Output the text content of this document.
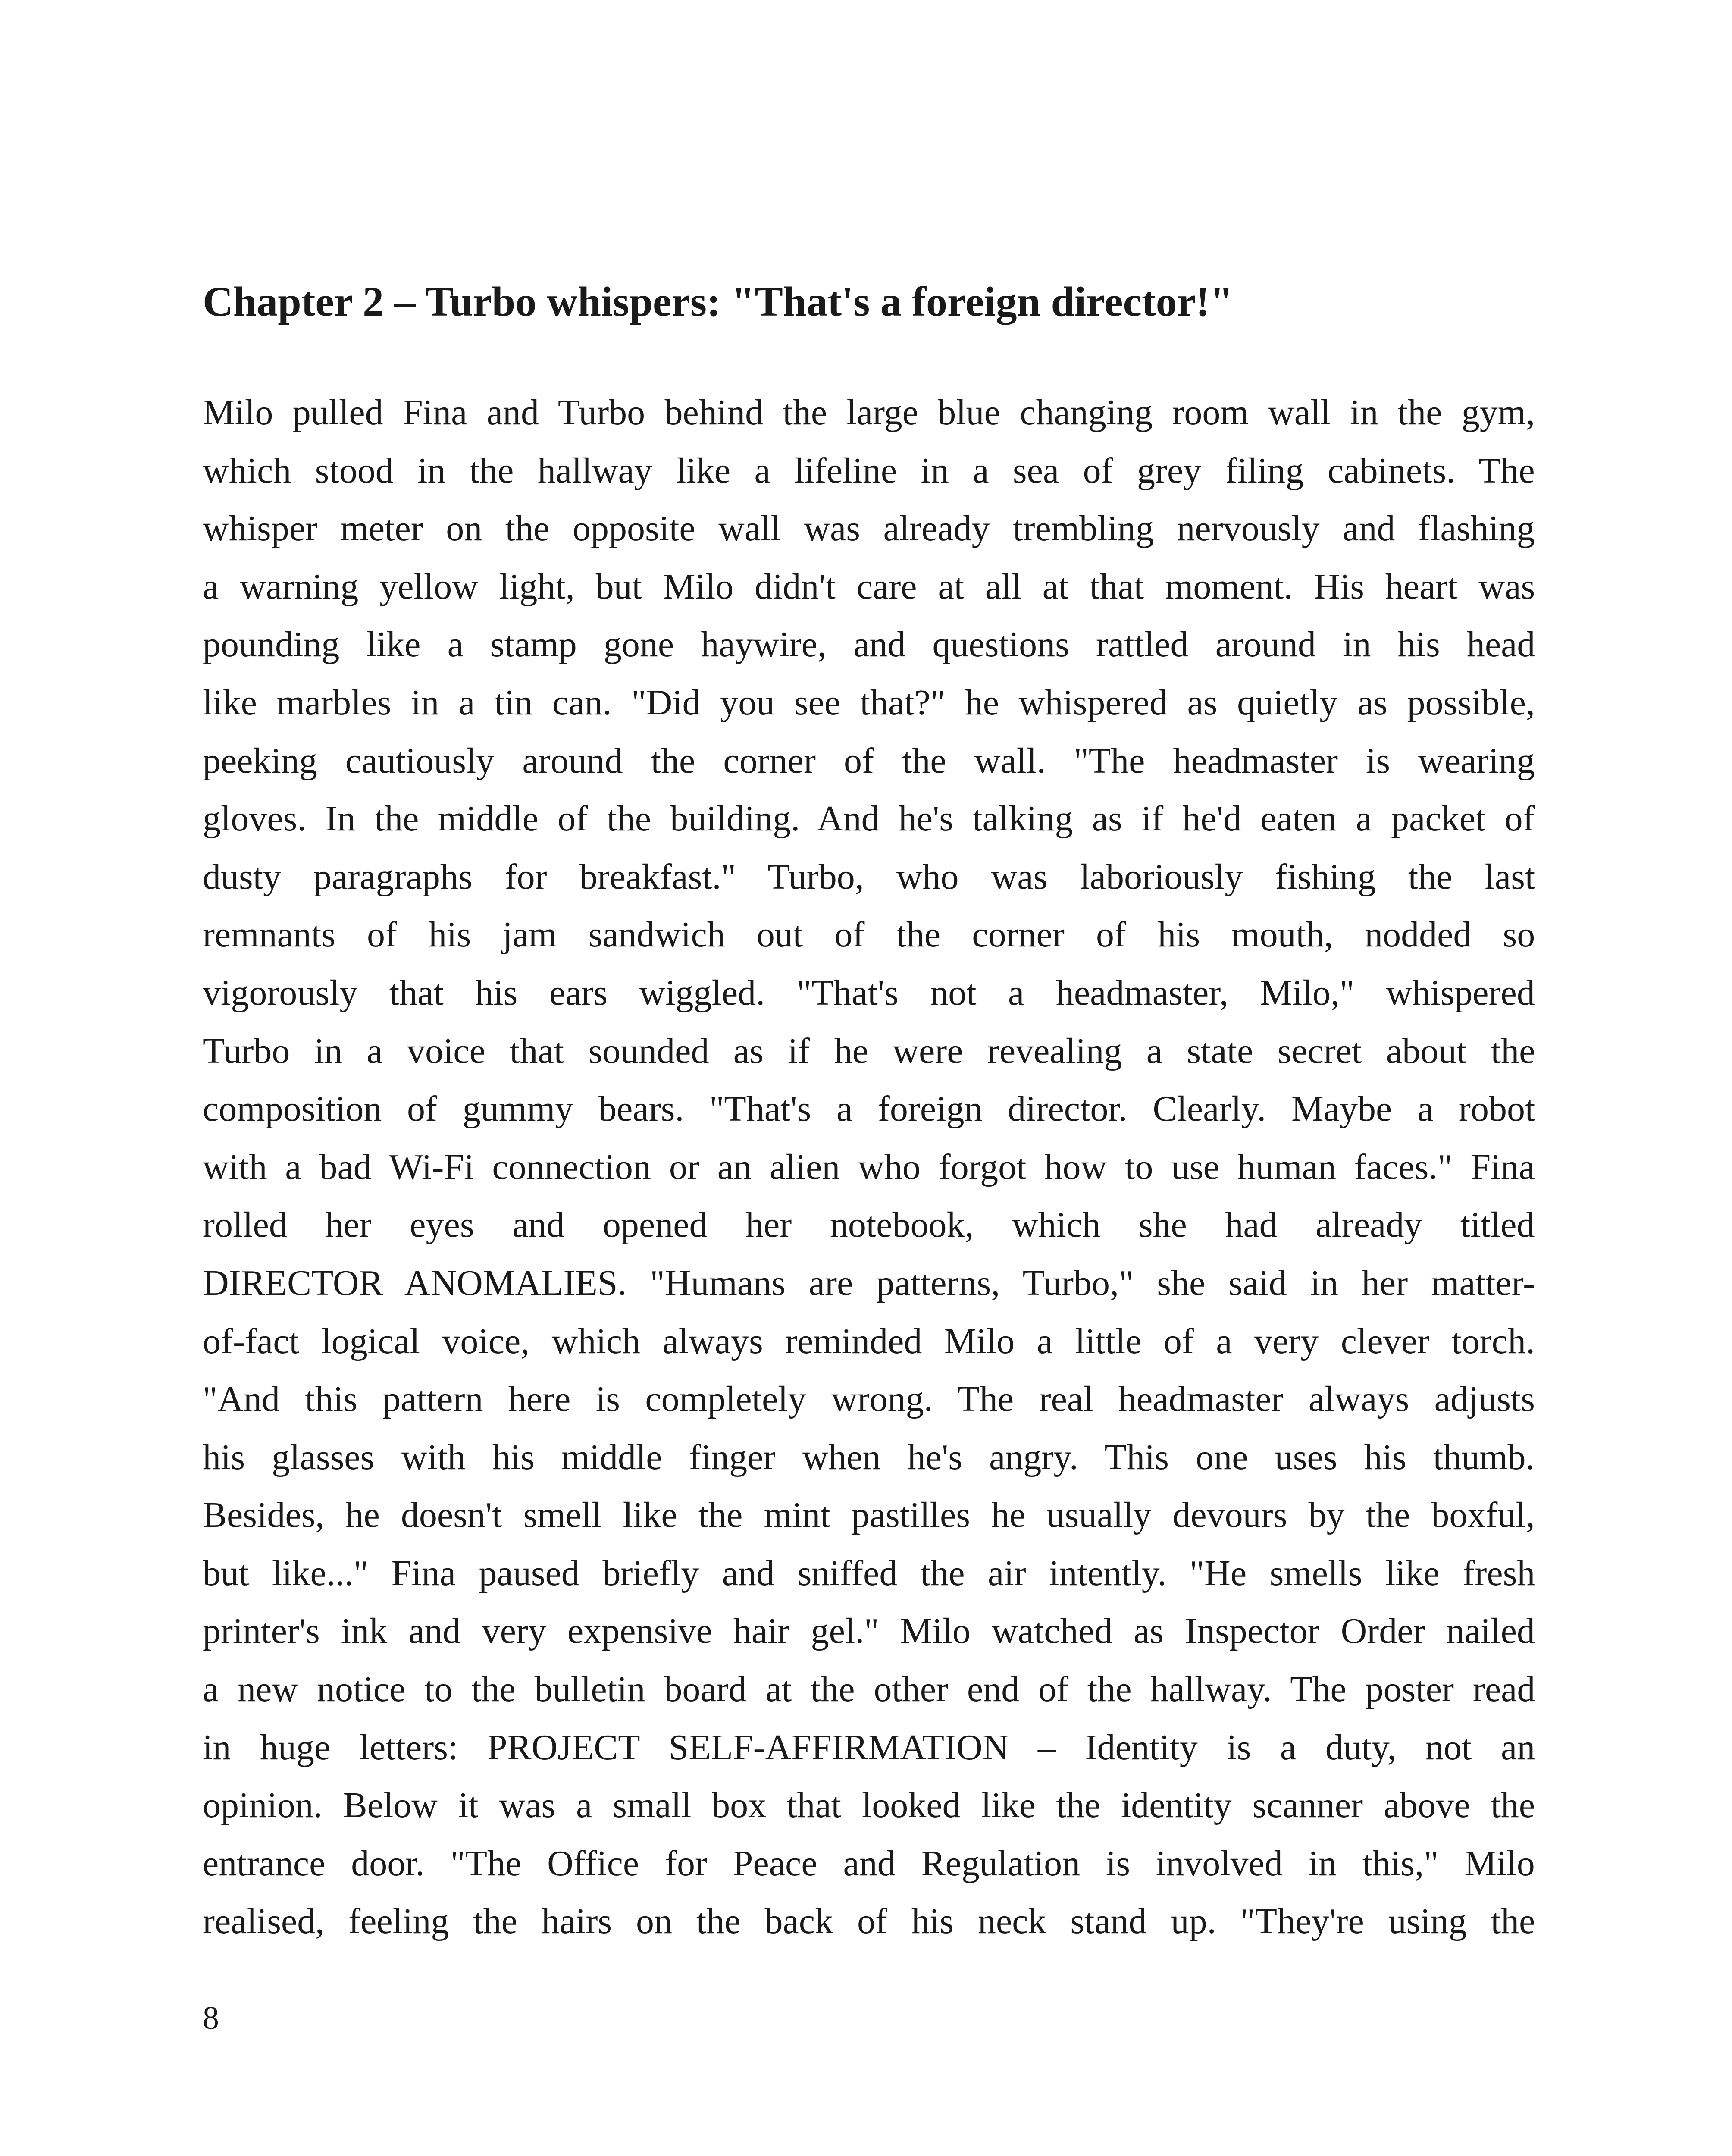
Chapter 2 – Turbo whispers: "That's a foreign director!"
Milo pulled Fina and Turbo behind the large blue changing room wall in the gym,
which stood in the hallway like a lifeline in a sea of grey filing cabinets. The
whisper meter on the opposite wall was already trembling nervously and flashing
a warning yellow light, but Milo didn't care at all at that moment. His heart was
pounding like a stamp gone haywire, and questions rattled around in his head
like marbles in a tin can. "Did you see that?" he whispered as quietly as possible,
peeking cautiously around the corner of the wall. "The headmaster is wearing
gloves. In the middle of the building. And he's talking as if he'd eaten a packet of
dusty paragraphs for breakfast." Turbo, who was laboriously fishing the last
remnants of his jam sandwich out of the corner of his mouth, nodded so
vigorously that his ears wiggled. "That's not a headmaster, Milo," whispered
Turbo in a voice that sounded as if he were revealing a state secret about the
composition of gummy bears. "That's a foreign director. Clearly. Maybe a robot
with a bad Wi-Fi connection or an alien who forgot how to use human faces." Fina
rolled her eyes and opened her notebook, which she had already titled
DIRECTOR ANOMALIES. "Humans are patterns, Turbo," she said in her matter-
of-fact logical voice, which always reminded Milo a little of a very clever torch.
"And this pattern here is completely wrong. The real headmaster always adjusts
his glasses with his middle finger when he's angry. This one uses his thumb.
Besides, he doesn't smell like the mint pastilles he usually devours by the boxful,
but like..." Fina paused briefly and sniffed the air intently. "He smells like fresh
printer's ink and very expensive hair gel." Milo watched as Inspector Order nailed
a new notice to the bulletin board at the other end of the hallway. The poster read
in huge letters: PROJECT SELF-AFFIRMATION – Identity is a duty, not an
opinion. Below it was a small box that looked like the identity scanner above the
entrance door. "The Office for Peace and Regulation is involved in this," Milo
realised, feeling the hairs on the back of his neck stand up. "They're using the
8
